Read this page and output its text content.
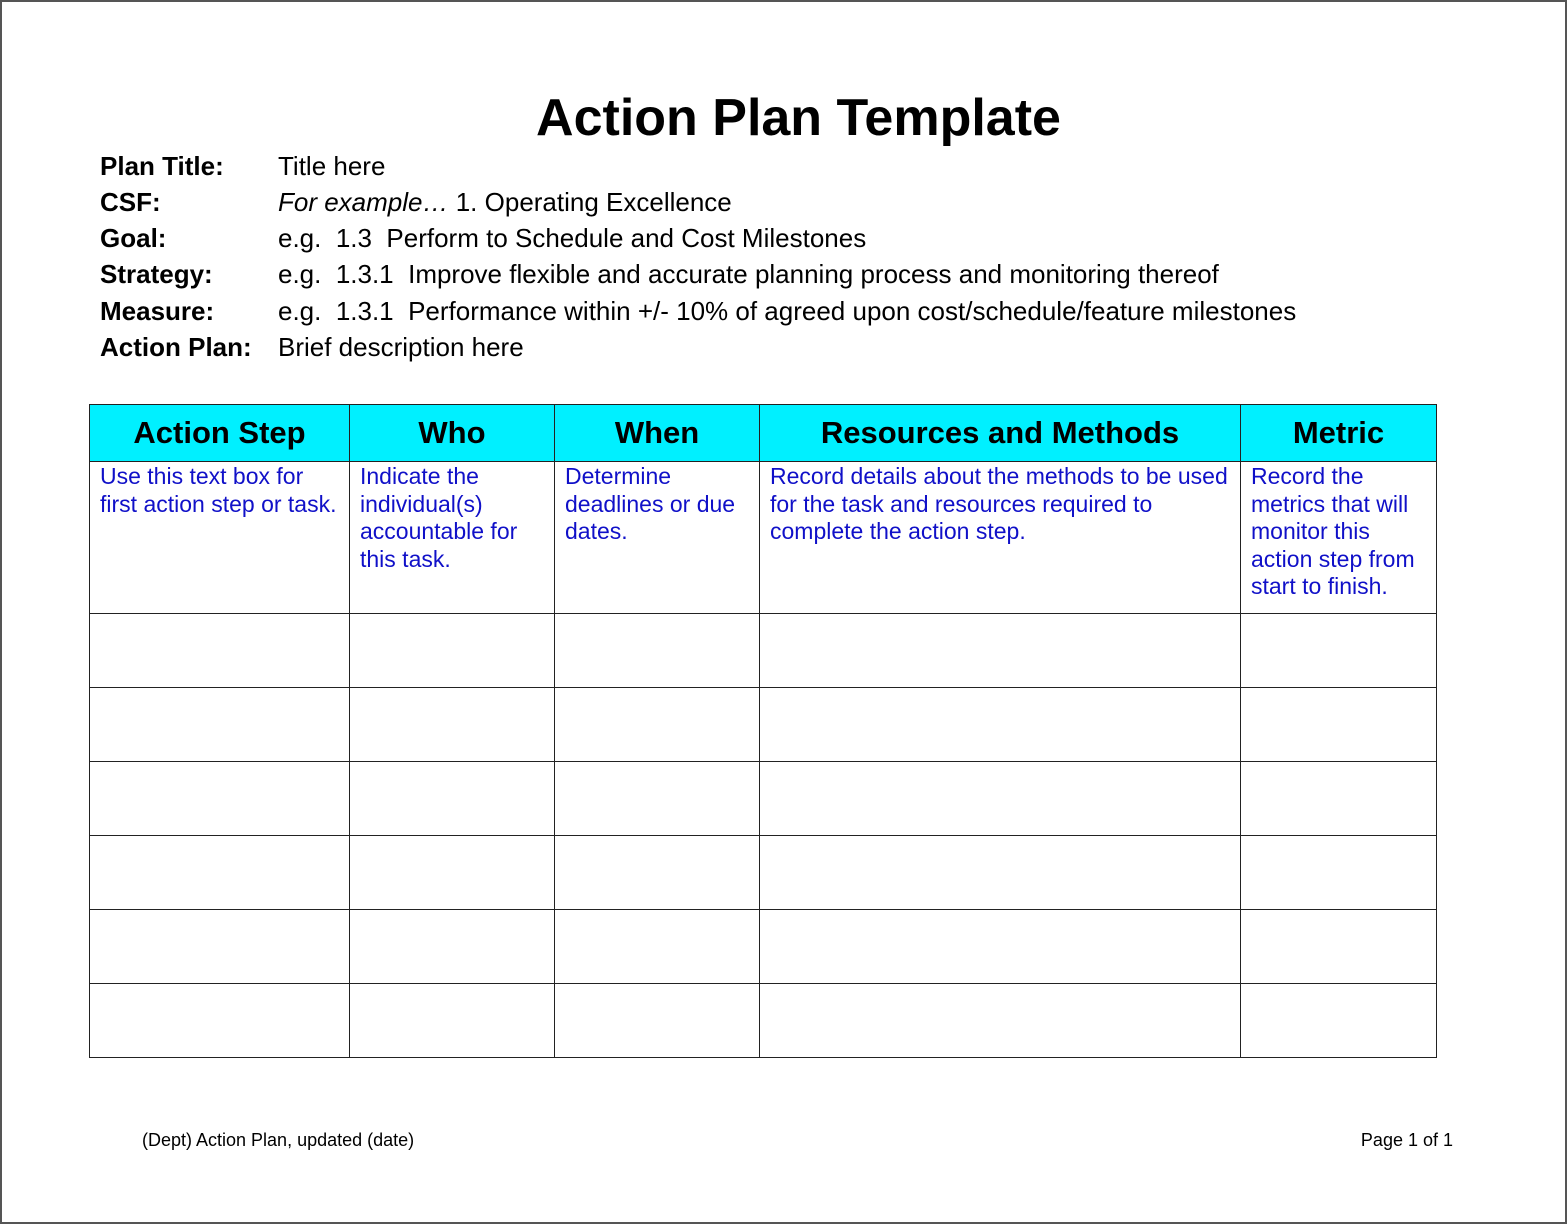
Action Plan Template
Plan Title: Title here
CSF:	For example… 1. Operating Excellence
Goal:	e.g.  1.3  Perform to Schedule and Cost Milestones
Strategy:	e.g.  1.3.1  Improve flexible and accurate planning process and monitoring thereof
Measure: e.g.  1.3.1  Performance within +/- 10% of agreed upon cost/schedule/feature milestones
Action Plan: Brief description here
Action Step	Who	When	Resources and Methods	Metric
Use this text box for first action step or task.	Indicate the individual(s) accountable for this task.	Determine deadlines or due dates.	Record details about the methods to be used for the task and resources required to complete the action step.	Record the metrics that will monitor this action step from start to finish.

(Dept) Action Plan, updated (date)	Page 1 of 1
